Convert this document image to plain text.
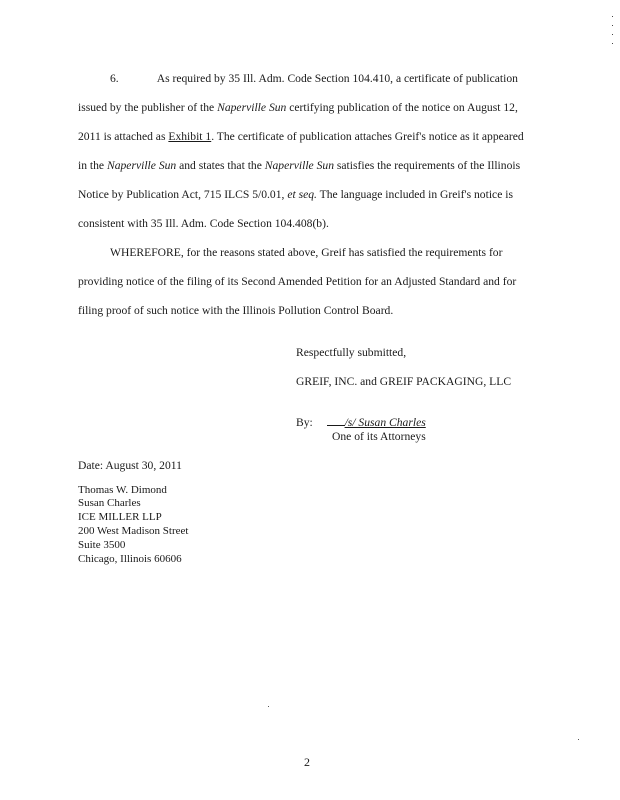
6.	As required by 35 Ill. Adm. Code Section 104.410, a certificate of publication
issued by the publisher of the Naperville Sun certifying publication of the notice on August 12,
2011 is attached as Exhibit 1. The certificate of publication attaches Greif's notice as it appeared
in the Naperville Sun and states that the Naperville Sun satisfies the requirements of the Illinois
Notice by Publication Act, 715 ILCS 5/0.01, et seq. The language included in Greif's notice is
consistent with 35 Ill. Adm. Code Section 104.408(b).
WHEREFORE, for the reasons stated above, Greif has satisfied the requirements for
providing notice of the filing of its Second Amended Petition for an Adjusted Standard and for
filing proof of such notice with the Illinois Pollution Control Board.
Respectfully submitted,
GREIF, INC. and GREIF PACKAGING, LLC
By:	/s/ Susan Charles
One of its Attorneys
Date: August 30, 2011
Thomas W. Dimond
Susan Charles
ICE MILLER LLP
200 West Madison Street
Suite 3500
Chicago, Illinois 60606
2
